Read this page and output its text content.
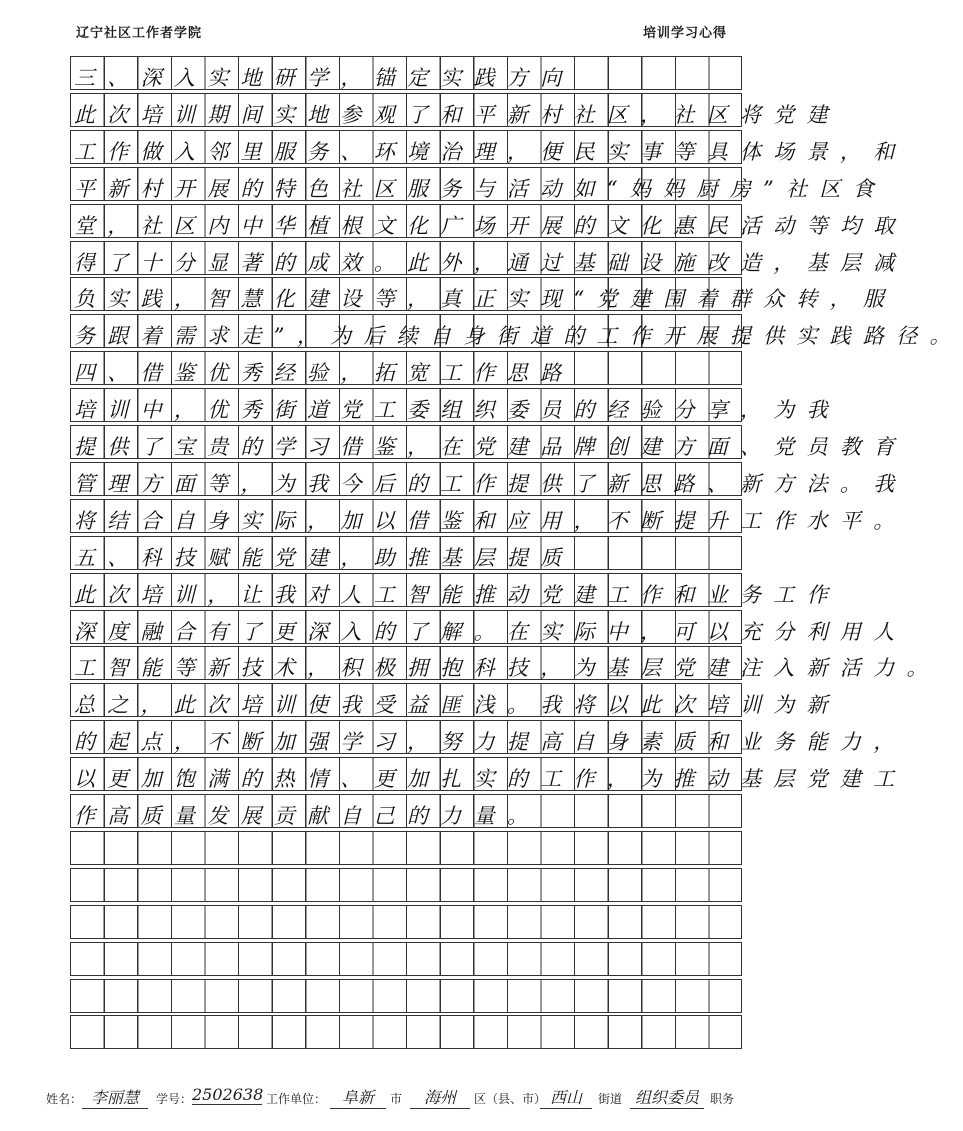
辽宁社区工作者学院	培训学习心得
三、深入实地研学，锚定实践方向
此次培训期间实地参观了和平新村社区，社区将党建
工作做入邻里服务、环境治理，便民实事等具体场景，和
平新村开展的特色社区服务与活动如“妈妈厨房”社区食
堂，社区内中华植根文化广场开展的文化惠民活动等均取
得了十分显著的成效。此外，通过基础设施改造，基层减
负实践，智慧化建设等，真正实现“党建围着群众转，服
务跟着需求走”，为后续自身街道的工作开展提供实践路径。
四、借鉴优秀经验，拓宽工作思路
培训中，优秀街道党工委组织委员的经验分享，为我
提供了宝贵的学习借鉴，在党建品牌创建方面、党员教育
管理方面等，为我今后的工作提供了新思路、新方法。我
将结合自身实际，加以借鉴和应用，不断提升工作水平。
五、科技赋能党建，助推基层提质
此次培训，让我对人工智能推动党建工作和业务工作
深度融合有了更深入的了解。在实际中，可以充分利用人
工智能等新技术，积极拥抱科技，为基层党建注入新活力。
总之，此次培训使我受益匪浅。我将以此次培训为新
的起点，不断加强学习，努力提高自身素质和业务能力，
以更加饱满的热情、更加扎实的工作，为推动基层党建工
作高质量发展贡献自己的力量。
姓名： 李丽慧	学号： 2502638 工作单位： 阜新	市	海州	区（县、市） 西山	街道 组织委员 职务
